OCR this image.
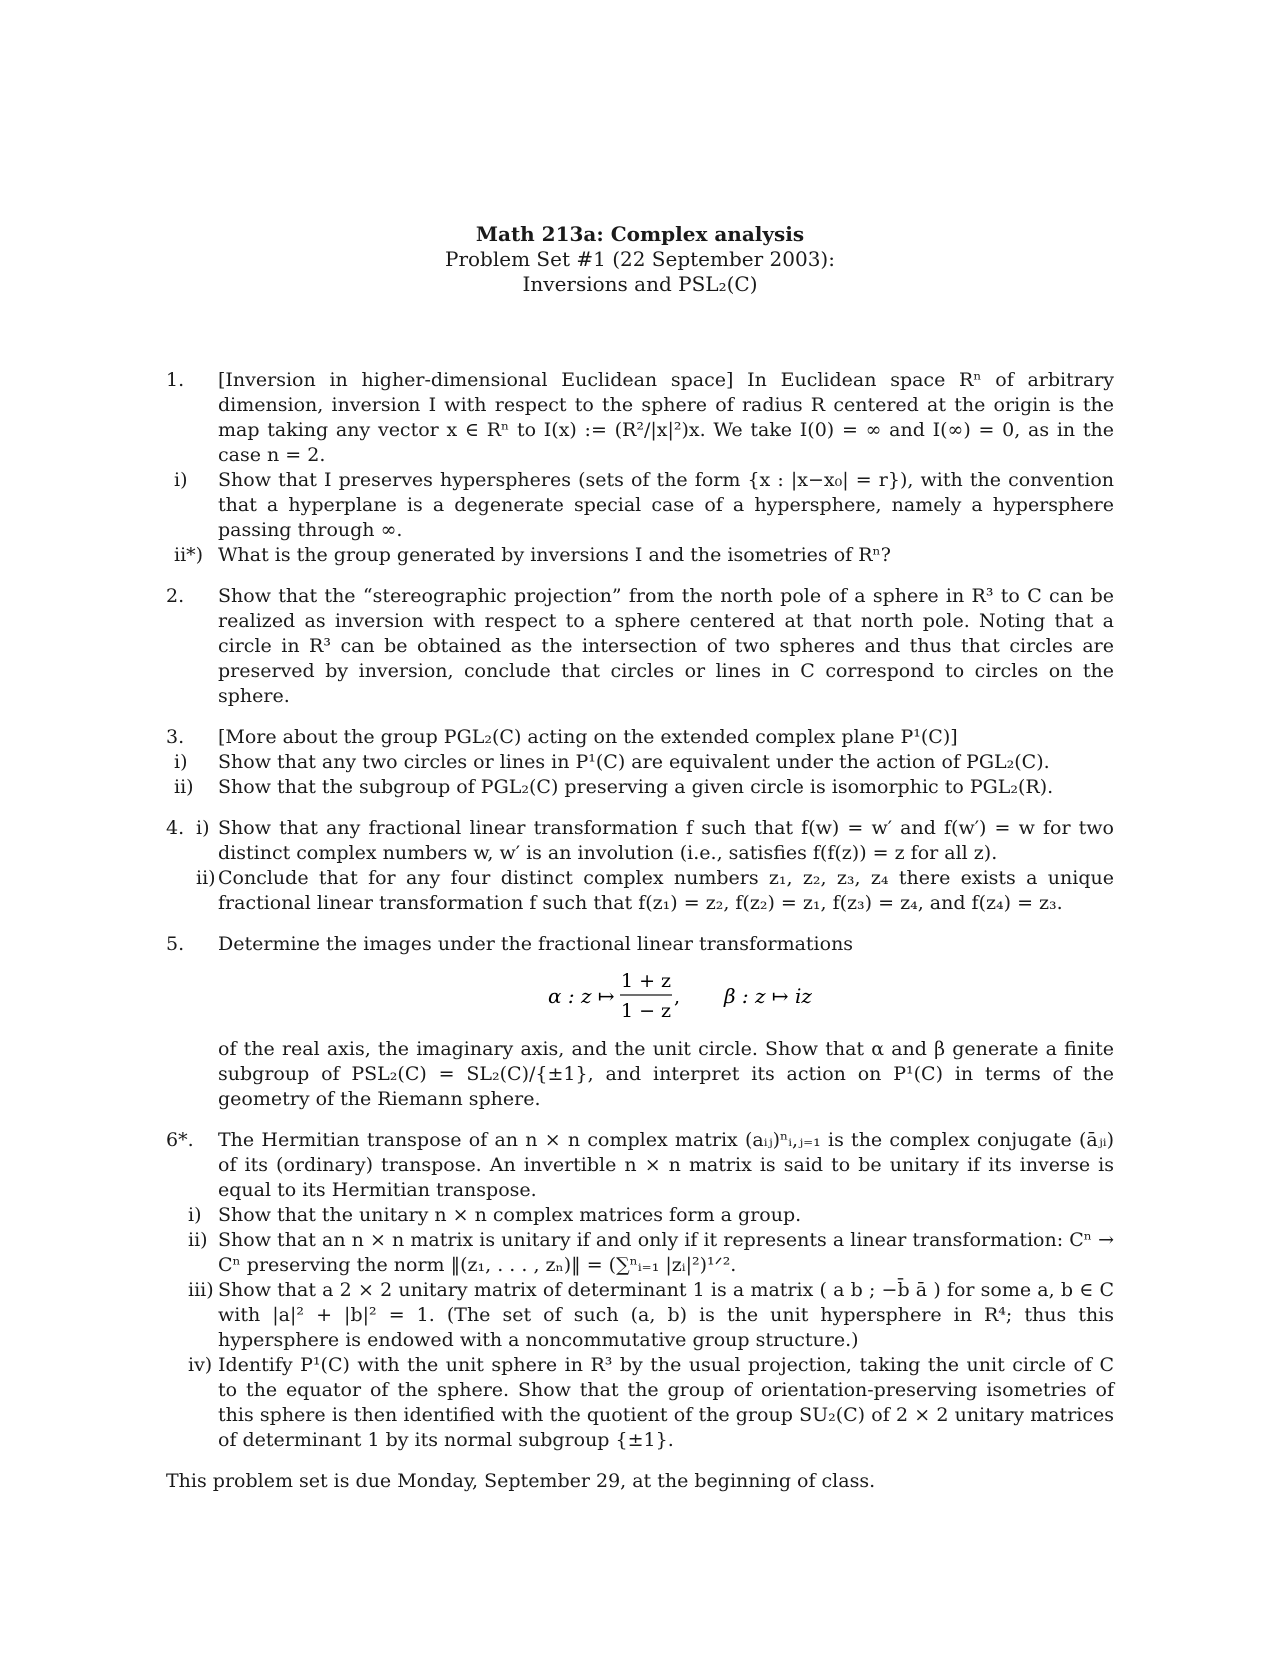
Math 213a: Complex analysis
Problem Set #1 (22 September 2003):
Inversions and PSL₂(C)
1. [Inversion in higher-dimensional Euclidean space] In Euclidean space Rⁿ of arbitrary dimension, inversion I with respect to the sphere of radius R centered at the origin is the map taking any vector x ∈ Rⁿ to I(x) := (R²/|x|²)x. We take I(0) = ∞ and I(∞) = 0, as in the case n = 2.
i) Show that I preserves hyperspheres (sets of the form {x : |x−x₀| = r}), with the convention that a hyperplane is a degenerate special case of a hypersphere, namely a hypersphere passing through ∞.
ii*) What is the group generated by inversions I and the isometries of Rⁿ?
2. Show that the “stereographic projection” from the north pole of a sphere in R³ to C can be realized as inversion with respect to a sphere centered at that north pole. Noting that a circle in R³ can be obtained as the intersection of two spheres and thus that circles are preserved by inversion, conclude that circles or lines in C correspond to circles on the sphere.
3. [More about the group PGL₂(C) acting on the extended complex plane P¹(C)]
i) Show that any two circles or lines in P¹(C) are equivalent under the action of PGL₂(C).
ii) Show that the subgroup of PGL₂(C) preserving a given circle is isomorphic to PGL₂(R).
4. i) Show that any fractional linear transformation f such that f(w) = w′ and f(w′) = w for two distinct complex numbers w, w′ is an involution (i.e., satisfies f(f(z)) = z for all z).
ii) Conclude that for any four distinct complex numbers z₁, z₂, z₃, z₄ there exists a unique fractional linear transformation f such that f(z₁) = z₂, f(z₂) = z₁, f(z₃) = z₄, and f(z₄) = z₃.
5. Determine the images under the fractional linear transformations
α : z ↦
1 + z
1 − z
, β : z ↦ iz
of the real axis, the imaginary axis, and the unit circle. Show that α and β generate a finite subgroup of PSL₂(C) = SL₂(C)/{±1}, and interpret its action on P¹(C) in terms of the geometry of the Riemann sphere.
6*. The Hermitian transpose of an n × n complex matrix (aᵢⱼ)ⁿᵢ,ⱼ₌₁ is the complex conjugate (āⱼᵢ) of its (ordinary) transpose. An invertible n × n matrix is said to be unitary if its inverse is equal to its Hermitian transpose.
i) Show that the unitary n × n complex matrices form a group.
ii) Show that an n × n matrix is unitary if and only if it represents a linear transformation: Cⁿ → Cⁿ preserving the norm ‖(z₁, . . . , zₙ)‖ = (∑ⁿᵢ₌₁ |zᵢ|²)¹ᐟ².
iii) Show that a 2 × 2 unitary matrix of determinant 1 is a matrix ( a b ; −b̄ ā ) for some a, b ∈ C with |a|² + |b|² = 1. (The set of such (a, b) is the unit hypersphere in R⁴; thus this hypersphere is endowed with a noncommutative group structure.)
iv) Identify P¹(C) with the unit sphere in R³ by the usual projection, taking the unit circle of C to the equator of the sphere. Show that the group of orientation-preserving isometries of this sphere is then identified with the quotient of the group SU₂(C) of 2 × 2 unitary matrices of determinant 1 by its normal subgroup {±1}.
This problem set is due Monday, September 29, at the beginning of class.
